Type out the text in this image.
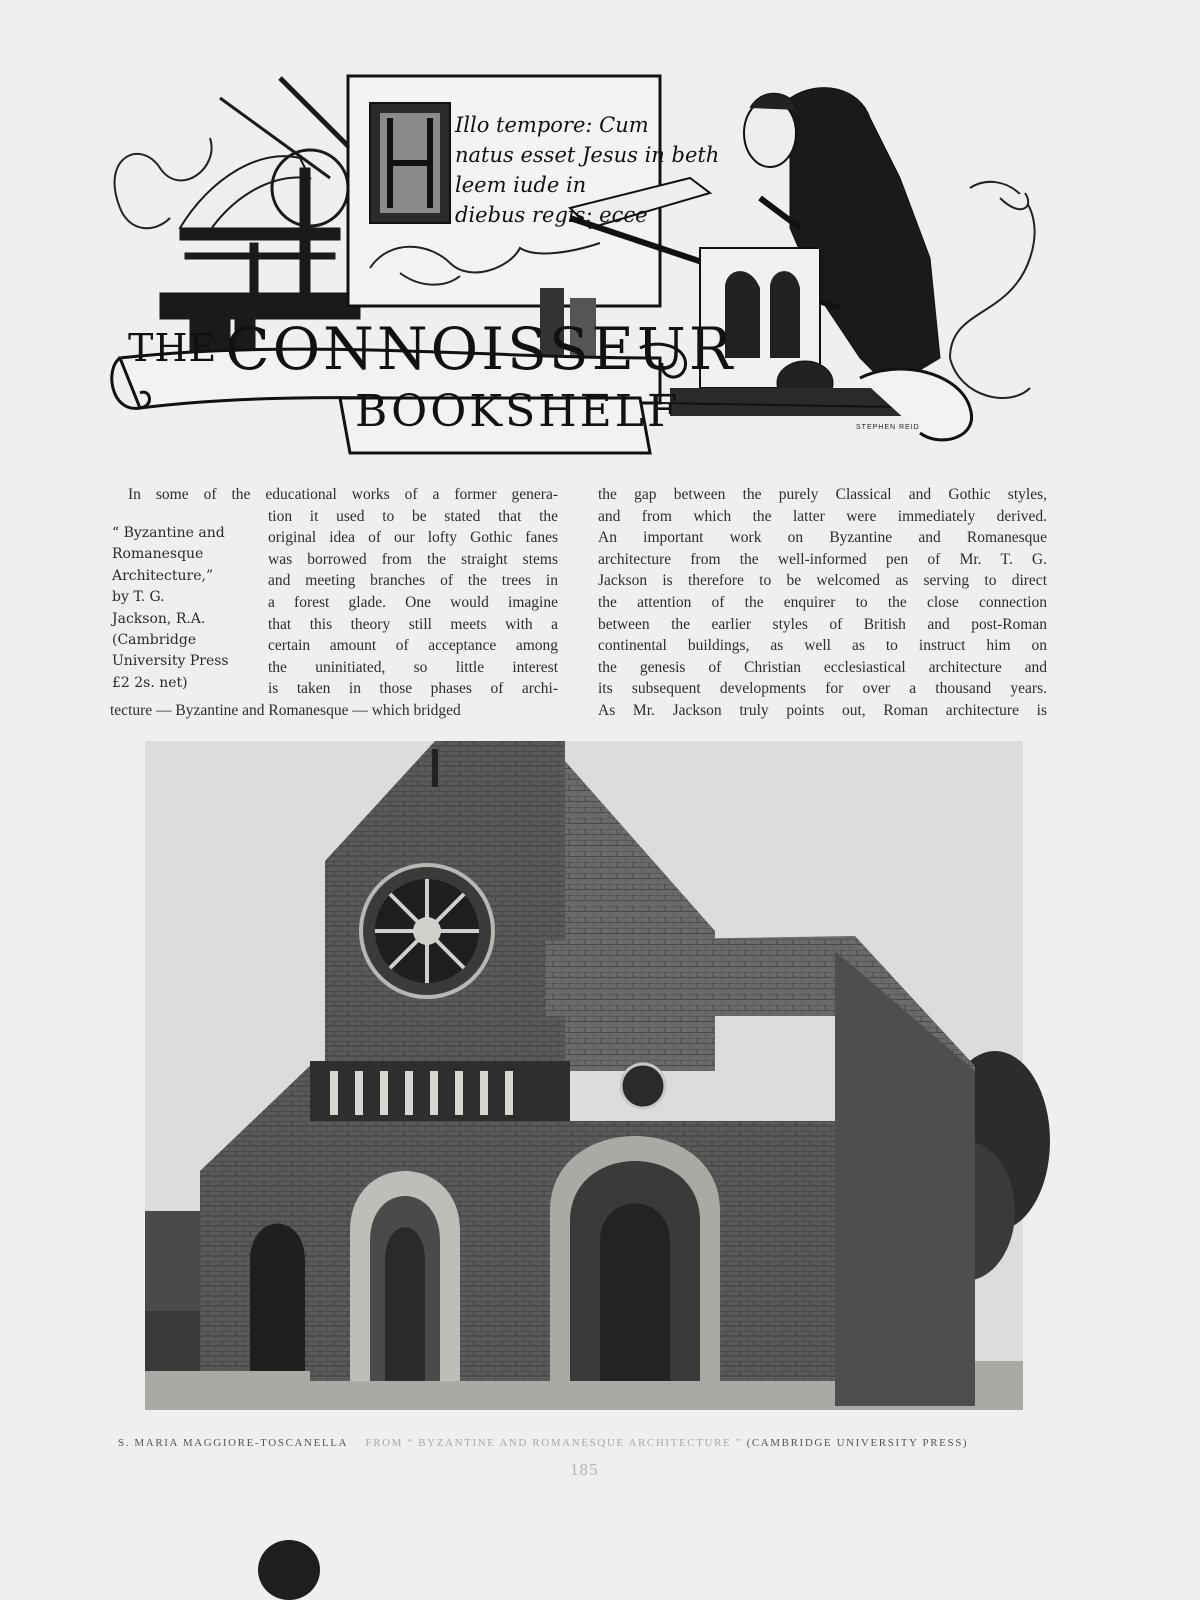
Illo tempore: Cum
natus esset Jesus in beth
leem iude in
diebus regis: ecce
THE CONNOISSEUR
BOOKSHELF	STEPHEN REID
“ Byzantine and
Romanesque
Architecture,”
by T. G.
Jackson, R.A.
(Cambridge
University Press
£2 2s. net)
In some of the educational works of a former genera-
tion it used to be stated that the
original idea of our lofty Gothic fanes
was borrowed from the straight stems
and meeting branches of the trees in
a forest glade. One would imagine
that this theory still meets with a
certain amount of acceptance among
the uninitiated, so little interest
is taken in those phases of archi-
tecture — Byzantine and Romanesque — which bridged
the gap between the purely Classical and Gothic styles,
and from which the latter were immediately derived.
An important work on Byzantine and Romanesque
architecture from the well-informed pen of Mr. T. G.
Jackson is therefore to be welcomed as serving to direct
the attention of the enquirer to the close connection
between the earlier styles of British and post-Roman
continental buildings, as well as to instruct him on
the genesis of Christian ecclesiastical architecture and
its subsequent developments for over a thousand years.
As Mr. Jackson truly points out, Roman architecture is
S. MARIA MAGGIORE-TOSCANELLA FROM “ BYZANTINE AND ROMANESQUE ARCHITECTURE ” (CAMBRIDGE UNIVERSITY PRESS)
185
